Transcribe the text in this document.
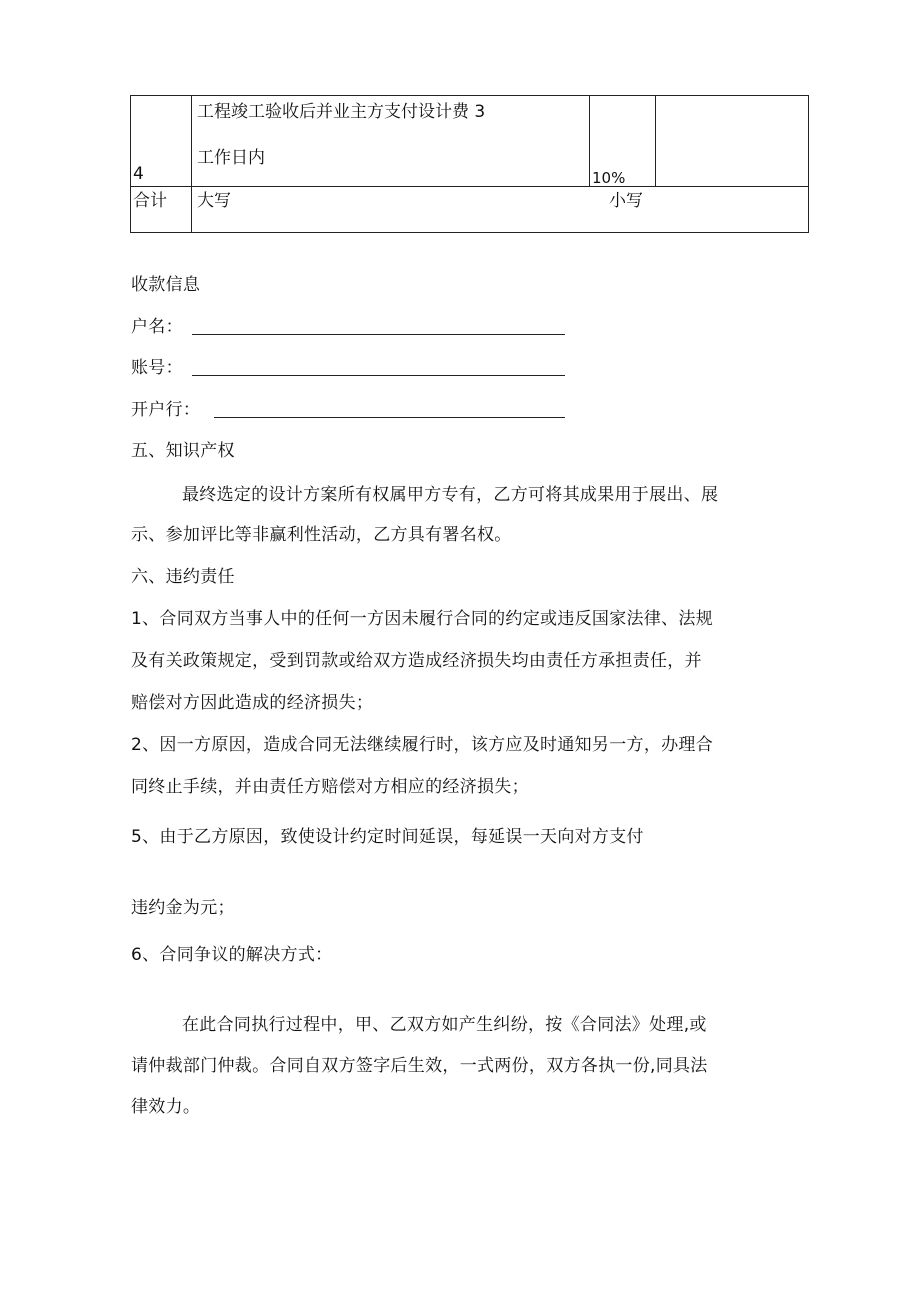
4
工程竣工验收后并业主方支付设计费 3
工作日内
10%
合计 大写	小写
收款信息
户名：
账号：
开户行：
五、知识产权
最终选定的设计方案所有权属甲方专有，乙方可将其成果用于展出、展
示、参加评比等非赢利性活动，乙方具有署名权。
六、违约责任
1、合同双方当事人中的任何一方因未履行合同的约定或违反国家法律、法规
及有关政策规定，受到罚款或给双方造成经济损失均由责任方承担责任，并
赔偿对方因此造成的经济损失；
2、因一方原因，造成合同无法继续履行时，该方应及时通知另一方，办理合
同终止手续，并由责任方赔偿对方相应的经济损失；
5、由于乙方原因，致使设计约定时间延误，每延误一天向对方支付
违约金为元；
6、合同争议的解决方式：
在此合同执行过程中，甲、乙双方如产生纠纷，按《合同法》处理,或
请仲裁部门仲裁。合同自双方签字后生效，一式两份，双方各执一份,同具法
律效力。
